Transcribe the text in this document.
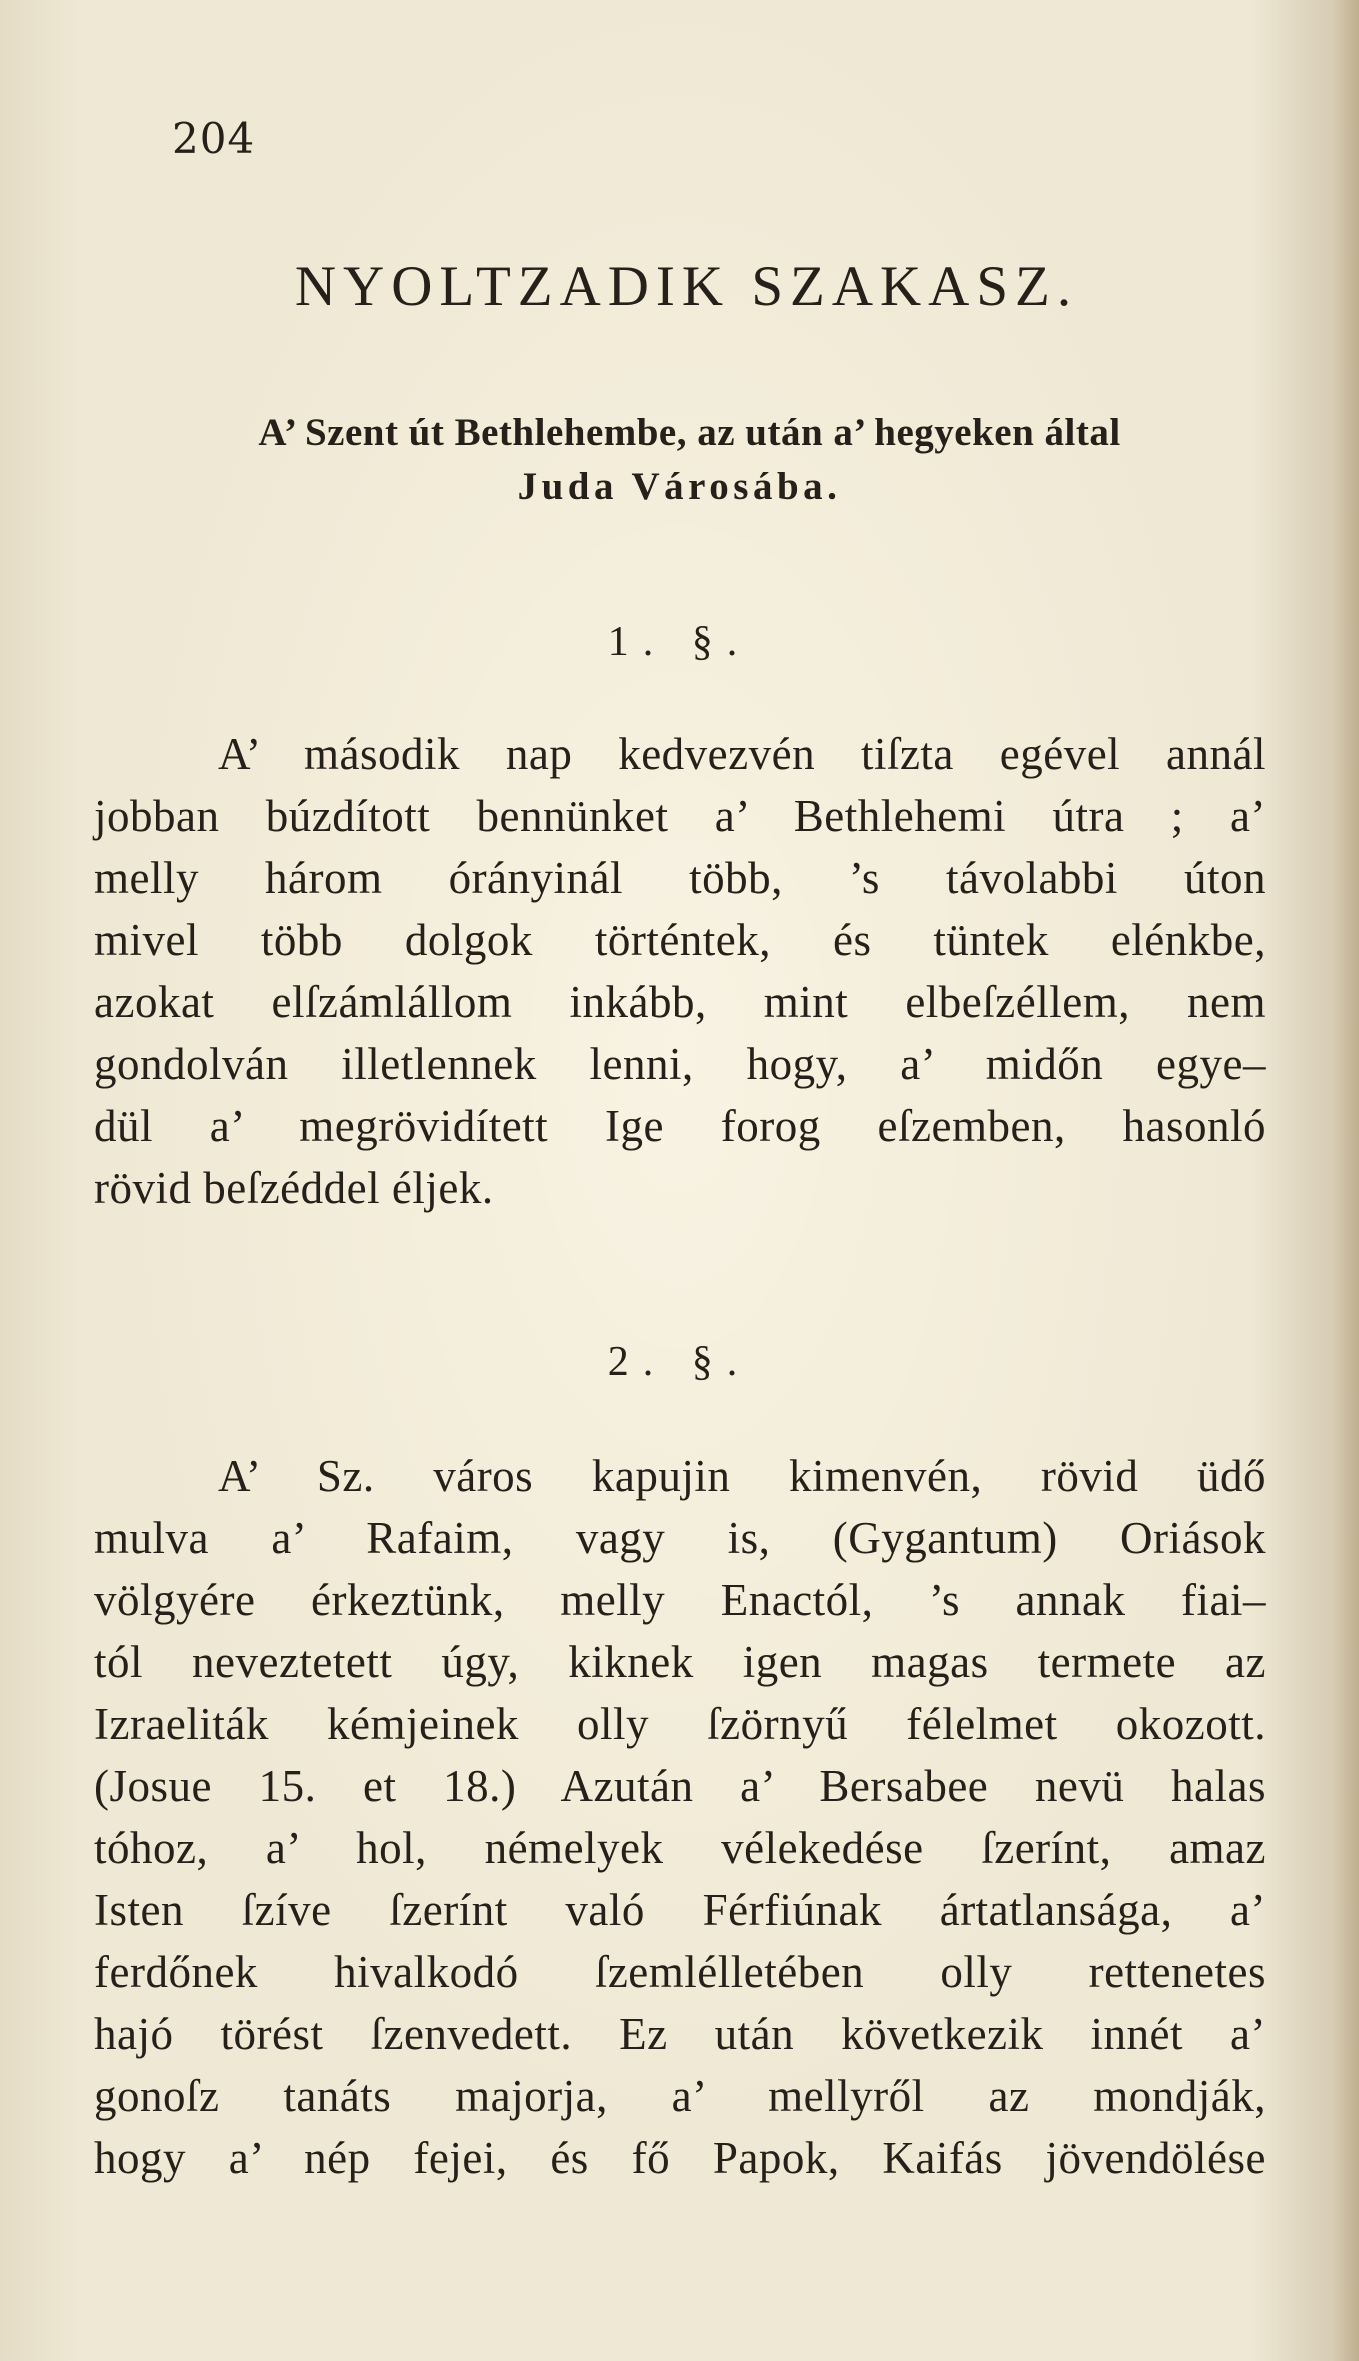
204
NYOLTZADIK SZAKASZ.
A’ Szent út Bethlehembe, az után a’ hegyeken által
Juda Városába.
1. §.
A’ második nap kedvezvén tiſzta egével annál
jobban búzdított bennünket a’ Bethlehemi útra ; a’
melly három órányinál több, ’s távolabbi úton
mivel több dolgok történtek, és tüntek elénkbe,
azokat elſzámlállom inkább, mint elbeſzéllem, nem
gondolván illetlennek lenni, hogy, a’ midőn egye–
dül a’ megrövidített Ige forog eſzemben, hasonló
rövid beſzéddel éljek.
2. §.
A’ Sz. város kapujin kimenvén, rövid üdő
mulva a’ Rafaim, vagy is, (Gygantum) Oriások
völgyére érkeztünk, melly Enactól, ’s annak fiai–
tól neveztetett úgy, kiknek igen magas termete az
Izraeliták kémjeinek olly ſzörnyű félelmet okozott.
(Josue 15. et 18.) Azután a’ Bersabee nevü halas
tóhoz, a’ hol, némelyek vélekedése ſzerínt, amaz
Isten ſzíve ſzerínt való Férfiúnak ártatlansága, a’
ferdőnek hivalkodó ſzemlélletében olly rettenetes
hajó törést ſzenvedett. Ez után következik innét a’
gonoſz tanáts majorja, a’ mellyről az mondják,
hogy a’ nép fejei, és fő Papok, Kaifás jövendölése
